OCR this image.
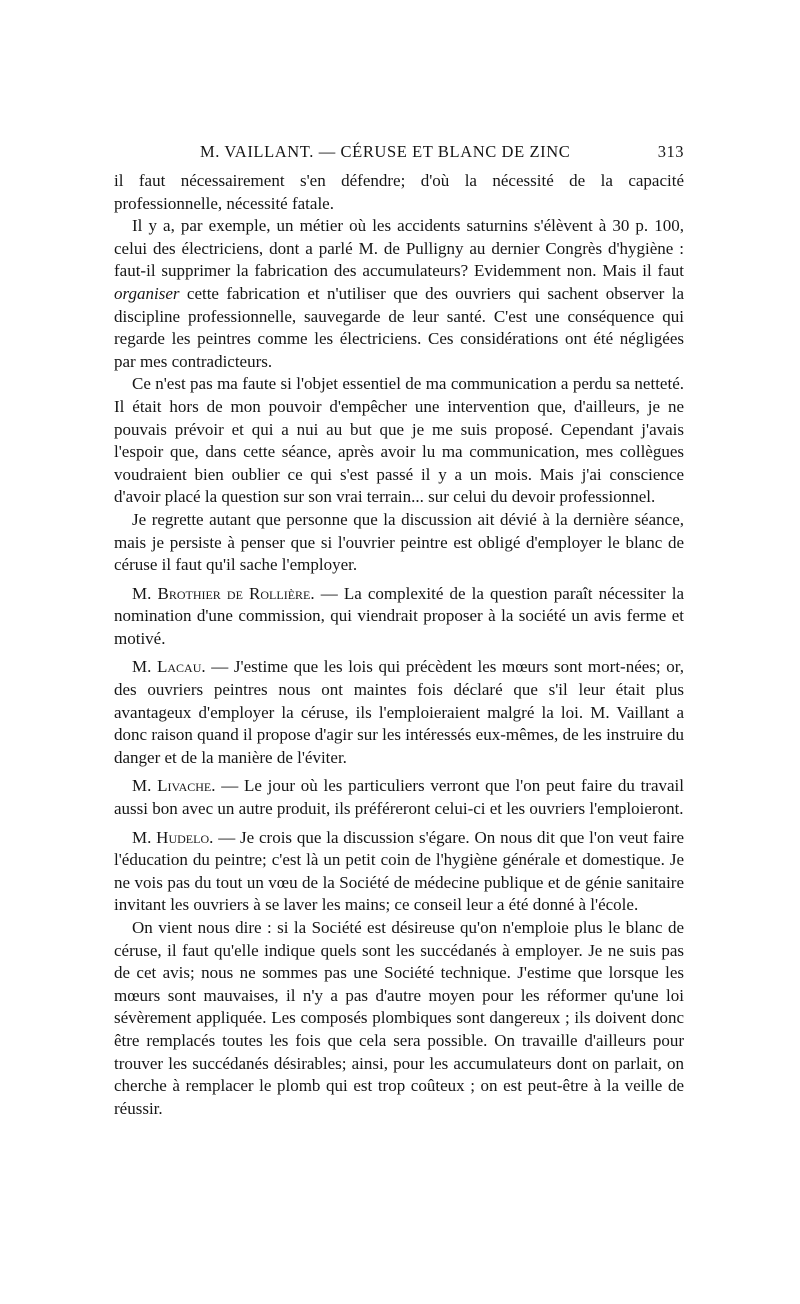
M. VAILLANT. — CÉRUSE ET BLANC DE ZINC	313

il faut nécessairement s'en défendre; d'où la nécessité de la capacité professionnelle, nécessité fatale.

Il y a, par exemple, un métier où les accidents saturnins s'élèvent à 30 p. 100, celui des électriciens, dont a parlé M. de Pulligny au dernier Congrès d'hygiène : faut-il supprimer la fabrication des accumulateurs? Evidemment non. Mais il faut organiser cette fabrication et n'utiliser que des ouvriers qui sachent observer la discipline professionnelle, sauvegarde de leur santé. C'est une conséquence qui regarde les peintres comme les électriciens. Ces considérations ont été négligées par mes contradicteurs.

Ce n'est pas ma faute si l'objet essentiel de ma communication a perdu sa netteté. Il était hors de mon pouvoir d'empêcher une intervention que, d'ailleurs, je ne pouvais prévoir et qui a nui au but que je me suis proposé. Cependant j'avais l'espoir que, dans cette séance, après avoir lu ma communication, mes collègues voudraient bien oublier ce qui s'est passé il y a un mois. Mais j'ai conscience d'avoir placé la question sur son vrai terrain... sur celui du devoir professionnel.

Je regrette autant que personne que la discussion ait dévié à la dernière séance, mais je persiste à penser que si l'ouvrier peintre est obligé d'employer le blanc de céruse il faut qu'il sache l'employer.

M. Brothier de Rollière. — La complexité de la question paraît nécessiter la nomination d'une commission, qui viendrait proposer à la société un avis ferme et motivé.

M. Lacau. — J'estime que les lois qui précèdent les mœurs sont mort-nées; or, des ouvriers peintres nous ont maintes fois déclaré que s'il leur était plus avantageux d'employer la céruse, ils l'emploieraient malgré la loi. M. Vaillant a donc raison quand il propose d'agir sur les intéressés eux-mêmes, de les instruire du danger et de la manière de l'éviter.

M. Livache. — Le jour où les particuliers verront que l'on peut faire du travail aussi bon avec un autre produit, ils préféreront celui-ci et les ouvriers l'emploieront.

M. Hudelo. — Je crois que la discussion s'égare. On nous dit que l'on veut faire l'éducation du peintre; c'est là un petit coin de l'hygiène générale et domestique. Je ne vois pas du tout un vœu de la Société de médecine publique et de génie sanitaire invitant les ouvriers à se laver les mains; ce conseil leur a été donné à l'école.

On vient nous dire : si la Société est désireuse qu'on n'emploie plus le blanc de céruse, il faut qu'elle indique quels sont les succédanés à employer. Je ne suis pas de cet avis; nous ne sommes pas une Société technique. J'estime que lorsque les mœurs sont mauvaises, il n'y a pas d'autre moyen pour les réformer qu'une loi sévèrement appliquée. Les composés plombiques sont dangereux ; ils doivent donc être remplacés toutes les fois que cela sera possible. On travaille d'ailleurs pour trouver les succédanés désirables; ainsi, pour les accumulateurs dont on parlait, on cherche à remplacer le plomb qui est trop coûteux ; on est peut-être à la veille de réussir.
